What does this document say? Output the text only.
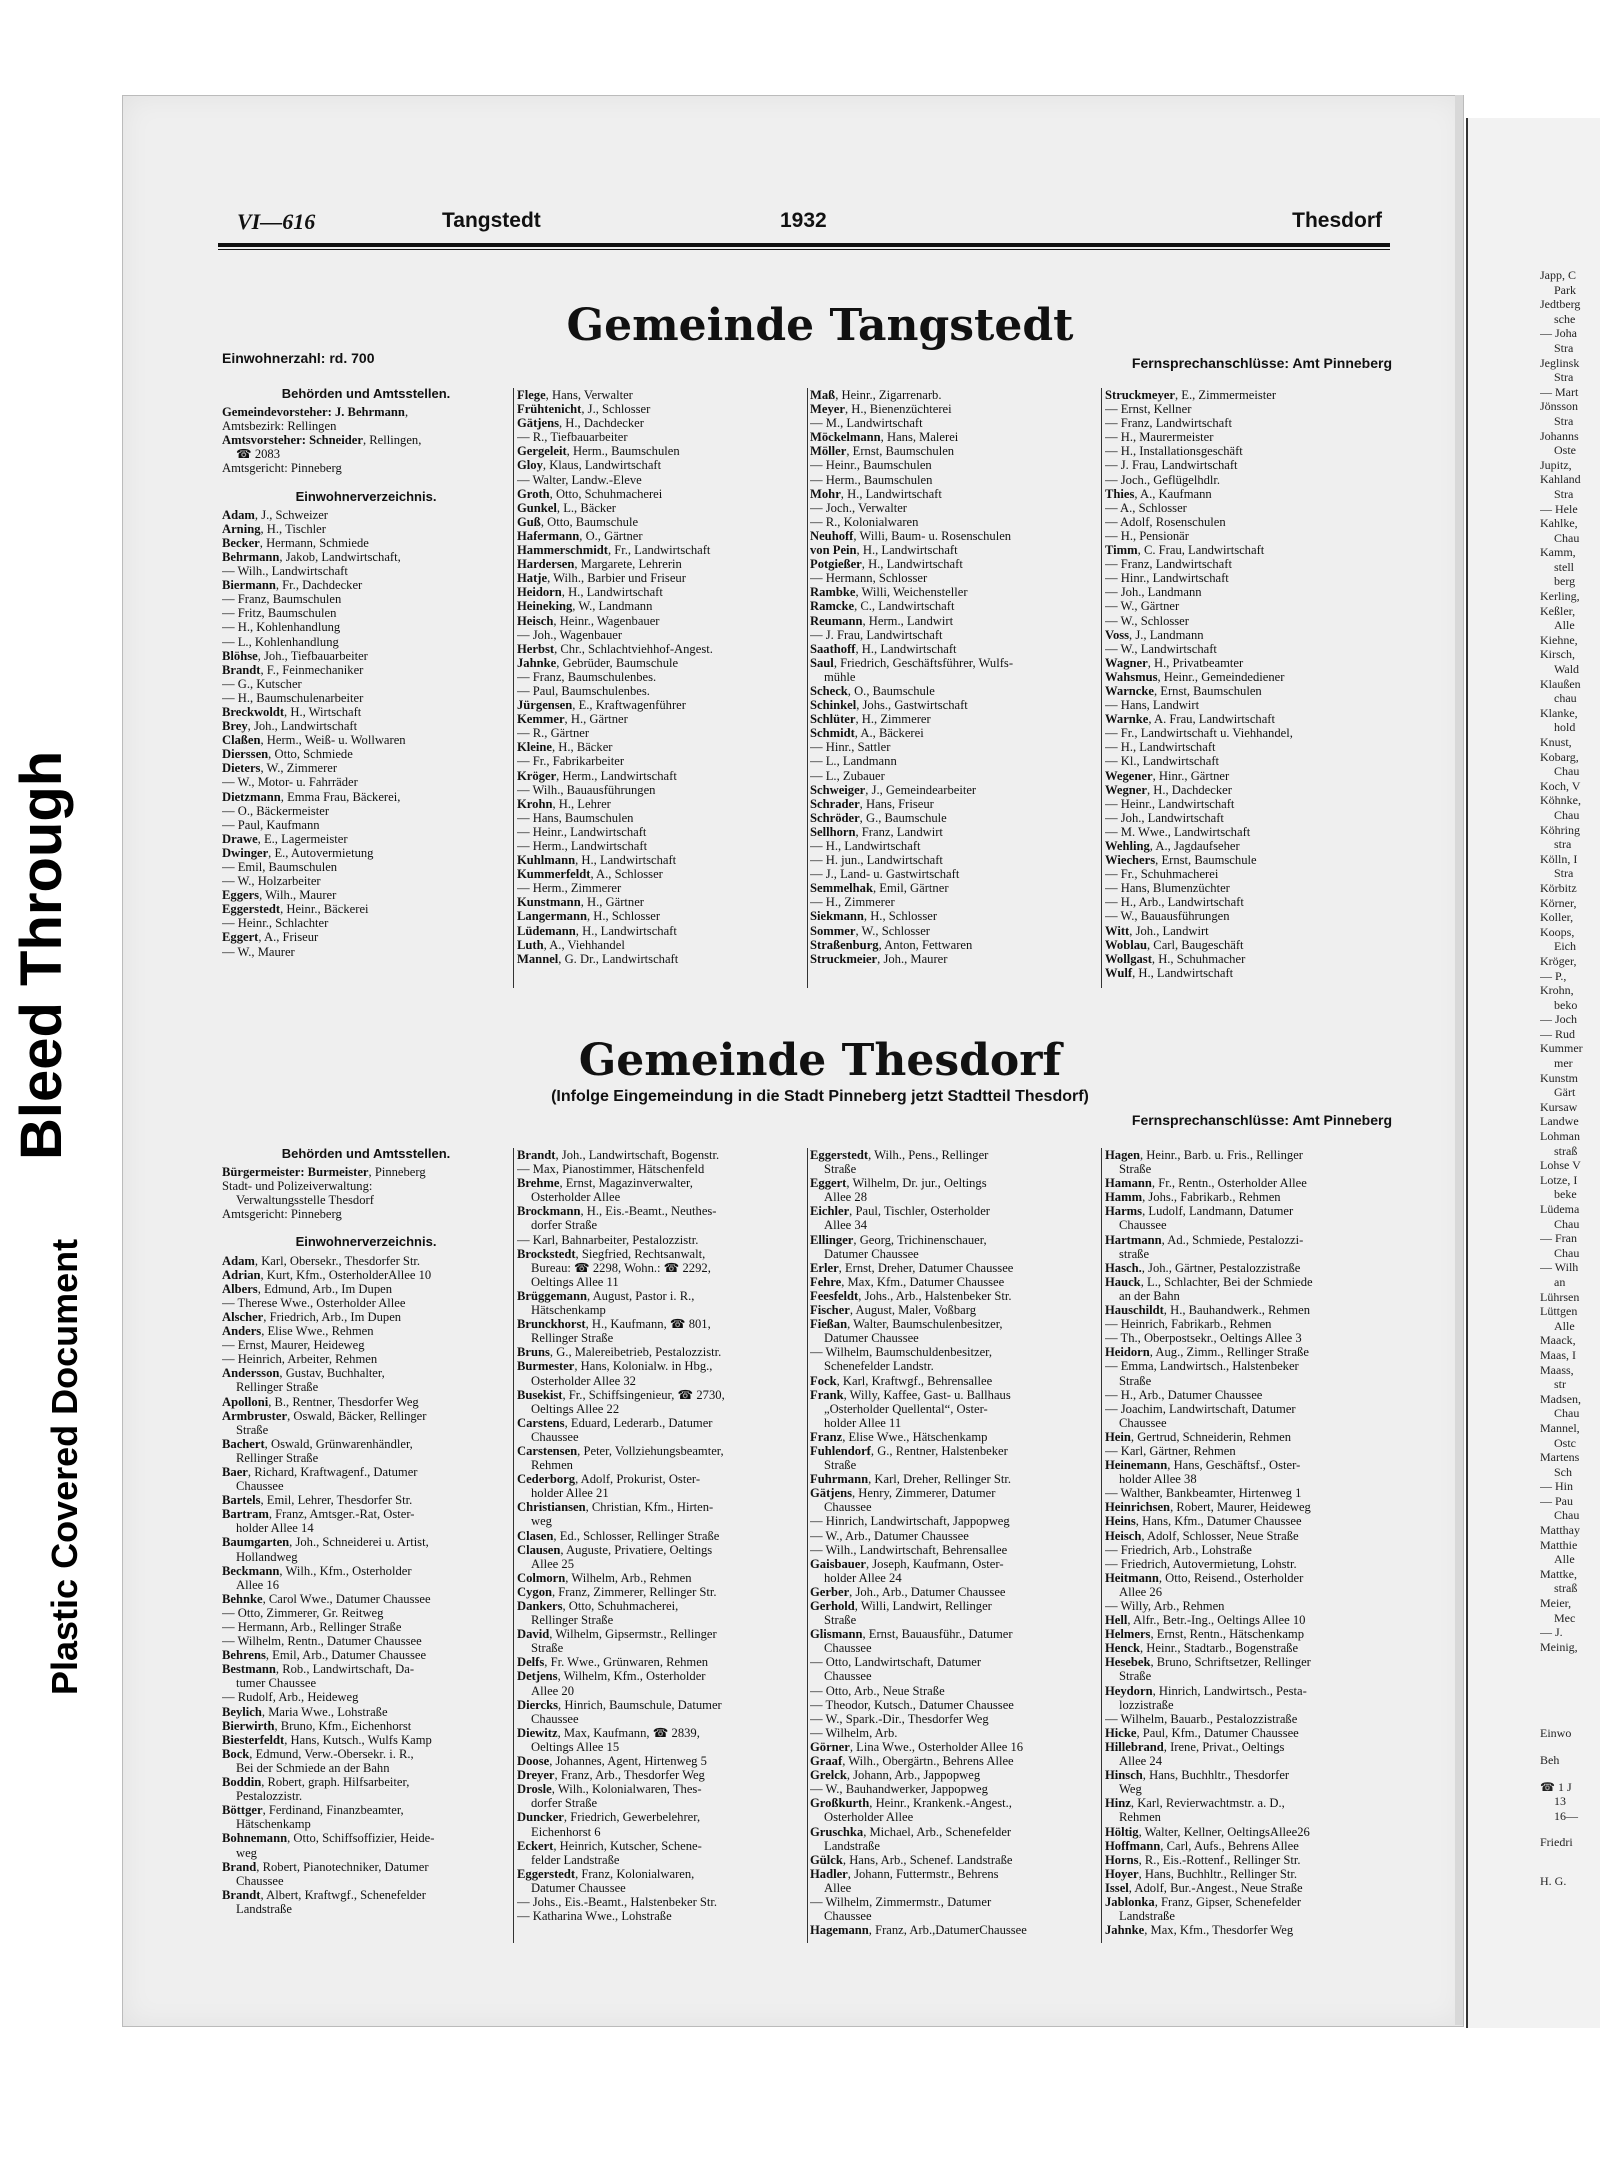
Bleed Through
Plastic Covered Document
VI—616	Tangstedt	1932	Thesdorf
Gemeinde Tangstedt
Einwohnerzahl: rd. 700	Fernsprechanschlüsse: Amt Pinneberg
Behörden und Amtsstellen.
Gemeindevorsteher: J. Behrmann,
Amtsbezirk: Rellingen
Amtsvorsteher: Schneider, Rellingen,
☎ 2083
Amtsgericht: Pinneberg
Einwohnerverzeichnis.
Adam, J., Schweizer
Arning, H., Tischler
Becker, Hermann, Schmiede
Behrmann, Jakob, Landwirtschaft,
— Wilh., Landwirtschaft
Biermann, Fr., Dachdecker
— Franz, Baumschulen
— Fritz, Baumschulen
— H., Kohlenhandlung
— L., Kohlenhandlung
Blöhse, Joh., Tiefbauarbeiter
Brandt, F., Feinmechaniker
— G., Kutscher
— H., Baumschulenarbeiter
Breckwoldt, H., Wirtschaft
Brey, Joh., Landwirtschaft
Claßen, Herm., Weiß- u. Wollwaren
Dierssen, Otto, Schmiede
Dieters, W., Zimmerer
— W., Motor- u. Fahrräder
Dietzmann, Emma Frau, Bäckerei,
— O., Bäckermeister
— Paul, Kaufmann
Drawe, E., Lagermeister
Dwinger, E., Autovermietung
— Emil, Baumschulen
— W., Holzarbeiter
Eggers, Wilh., Maurer
Eggerstedt, Heinr., Bäckerei
— Heinr., Schlachter
Eggert, A., Friseur
— W., Maurer
Flege, Hans, Verwalter
Frühtenicht, J., Schlosser
Gätjens, H., Dachdecker
— R., Tiefbauarbeiter
Gergeleit, Herm., Baumschulen
Gloy, Klaus, Landwirtschaft
— Walter, Landw.-Eleve
Groth, Otto, Schuhmacherei
Gunkel, L., Bäcker
Guß, Otto, Baumschule
Hafermann, O., Gärtner
Hammerschmidt, Fr., Landwirtschaft
Hardersen, Margarete, Lehrerin
Hatje, Wilh., Barbier und Friseur
Heidorn, H., Landwirtschaft
Heineking, W., Landmann
Heisch, Heinr., Wagenbauer
— Joh., Wagenbauer
Herbst, Chr., Schlachtviehhof-Angest.
Jahnke, Gebrüder, Baumschule
— Franz, Baumschulenbes.
— Paul, Baumschulenbes.
Jürgensen, E., Kraftwagenführer
Kemmer, H., Gärtner
— R., Gärtner
Kleine, H., Bäcker
— Fr., Fabrikarbeiter
Kröger, Herm., Landwirtschaft
— Wilh., Bauausführungen
Krohn, H., Lehrer
— Hans, Baumschulen
— Heinr., Landwirtschaft
— Herm., Landwirtschaft
Kuhlmann, H., Landwirtschaft
Kummerfeldt, A., Schlosser
— Herm., Zimmerer
Kunstmann, H., Gärtner
Langermann, H., Schlosser
Lüdemann, H., Landwirtschaft
Luth, A., Viehhandel
Mannel, G. Dr., Landwirtschaft
Maß, Heinr., Zigarrenarb.
Meyer, H., Bienenzüchterei
— M., Landwirtschaft
Möckelmann, Hans, Malerei
Möller, Ernst, Baumschulen
— Heinr., Baumschulen
— Herm., Baumschulen
Mohr, H., Landwirtschaft
— Joch., Verwalter
— R., Kolonialwaren
Neuhoff, Willi, Baum- u. Rosenschulen
von Pein, H., Landwirtschaft
Potgießer, H., Landwirtschaft
— Hermann, Schlosser
Rambke, Willi, Weichensteller
Ramcke, C., Landwirtschaft
Reumann, Herm., Landwirt
— J. Frau, Landwirtschaft
Saathoff, H., Landwirtschaft
Saul, Friedrich, Geschäftsführer, Wulfs-
mühle
Scheck, O., Baumschule
Schinkel, Johs., Gastwirtschaft
Schlüter, H., Zimmerer
Schmidt, A., Bäckerei
— Hinr., Sattler
— L., Landmann
— L., Zubauer
Schweiger, J., Gemeindearbeiter
Schrader, Hans, Friseur
Schröder, G., Baumschule
Sellhorn, Franz, Landwirt
— H., Landwirtschaft
— H. jun., Landwirtschaft
— J., Land- u. Gastwirtschaft
Semmelhak, Emil, Gärtner
— H., Zimmerer
Siekmann, H., Schlosser
Sommer, W., Schlosser
Straßenburg, Anton, Fettwaren
Struckmeier, Joh., Maurer
Struckmeyer, E., Zimmermeister
— Ernst, Kellner
— Franz, Landwirtschaft
— H., Maurermeister
— H., Installationsgeschäft
— J. Frau, Landwirtschaft
— Joch., Geflügelhdlr.
Thies, A., Kaufmann
— A., Schlosser
— Adolf, Rosenschulen
— H., Pensionär
Timm, C. Frau, Landwirtschaft
— Franz, Landwirtschaft
— Hinr., Landwirtschaft
— Joh., Landmann
— W., Gärtner
— W., Schlosser
Voss, J., Landmann
— W., Landwirtschaft
Wagner, H., Privatbeamter
Wahsmus, Heinr., Gemeindediener
Warncke, Ernst, Baumschulen
— Hans, Landwirt
Warnke, A. Frau, Landwirtschaft
— Fr., Landwirtschaft u. Viehhandel,
— H., Landwirtschaft
— Kl., Landwirtschaft
Wegener, Hinr., Gärtner
Wegner, H., Dachdecker
— Heinr., Landwirtschaft
— Joh., Landwirtschaft
— M. Wwe., Landwirtschaft
Wehling, A., Jagdaufseher
Wiechers, Ernst, Baumschule
— Fr., Schuhmacherei
— Hans, Blumenzüchter
— H., Arb., Landwirtschaft
— W., Bauausführungen
Witt, Joh., Landwirt
Woblau, Carl, Baugeschäft
Wollgast, H., Schuhmacher
Wulf, H., Landwirtschaft
Gemeinde Thesdorf
(Infolge Eingemeindung in die Stadt Pinneberg jetzt Stadtteil Thesdorf)
Fernsprechanschlüsse: Amt Pinneberg
Behörden und Amtsstellen.
Bürgermeister: Burmeister, Pinneberg
Stadt- und Polizeiverwaltung:
Verwaltungsstelle Thesdorf
Amtsgericht: Pinneberg
Einwohnerverzeichnis.
Adam, Karl, Obersekr., Thesdorfer Str.
Adrian, Kurt, Kfm., OsterholderAllee 10
Albers, Edmund, Arb., Im Dupen
— Therese Wwe., Osterholder Allee
Alscher, Friedrich, Arb., Im Dupen
Anders, Elise Wwe., Rehmen
— Ernst, Maurer, Heideweg
— Heinrich, Arbeiter, Rehmen
Andersson, Gustav, Buchhalter,
Rellinger Straße
Apolloni, B., Rentner, Thesdorfer Weg
Armbruster, Oswald, Bäcker, Rellinger
Straße
Bachert, Oswald, Grünwarenhändler,
Rellinger Straße
Baer, Richard, Kraftwagenf., Datumer
Chaussee
Bartels, Emil, Lehrer, Thesdorfer Str.
Bartram, Franz, Amtsger.-Rat, Oster-
holder Allee 14
Baumgarten, Joh., Schneiderei u. Artist,
Hollandweg
Beckmann, Wilh., Kfm., Osterholder
Allee 16
Behnke, Carol Wwe., Datumer Chaussee
— Otto, Zimmerer, Gr. Reitweg
— Hermann, Arb., Rellinger Straße
— Wilhelm, Rentn., Datumer Chaussee
Behrens, Emil, Arb., Datumer Chaussee
Bestmann, Rob., Landwirtschaft, Da-
tumer Chaussee
— Rudolf, Arb., Heideweg
Beylich, Maria Wwe., Lohstraße
Bierwirth, Bruno, Kfm., Eichenhorst
Biesterfeldt, Hans, Kutsch., Wulfs Kamp
Bock, Edmund, Verw.-Obersekr. i. R.,
Bei der Schmiede an der Bahn
Boddin, Robert, graph. Hilfsarbeiter,
Pestalozzistr.
Böttger, Ferdinand, Finanzbeamter,
Hätschenkamp
Bohnemann, Otto, Schiffsoffizier, Heide-
weg
Brand, Robert, Pianotechniker, Datumer
Chaussee
Brandt, Albert, Kraftwgf., Schenefelder
Landstraße
Brandt, Joh., Landwirtschaft, Bogenstr.
— Max, Pianostimmer, Hätschenfeld
Brehme, Ernst, Magazinverwalter,
Osterholder Allee
Brockmann, H., Eis.-Beamt., Neuthes-
dorfer Straße
— Karl, Bahnarbeiter, Pestalozzistr.
Brockstedt, Siegfried, Rechtsanwalt,
Bureau: ☎ 2298, Wohn.: ☎ 2292,
Oeltings Allee 11
Brüggemann, August, Pastor i. R.,
Hätschenkamp
Brunckhorst, H., Kaufmann, ☎ 801,
Rellinger Straße
Bruns, G., Malereibetrieb, Pestalozzistr.
Burmester, Hans, Kolonialw. in Hbg.,
Osterholder Allee 32
Busekist, Fr., Schiffsingenieur, ☎ 2730,
Oeltings Allee 22
Carstens, Eduard, Lederarb., Datumer
Chaussee
Carstensen, Peter, Vollziehungsbeamter,
Rehmen
Cederborg, Adolf, Prokurist, Oster-
holder Allee 21
Christiansen, Christian, Kfm., Hirten-
weg
Clasen, Ed., Schlosser, Rellinger Straße
Clausen, Auguste, Privatiere, Oeltings
Allee 25
Colmorn, Wilhelm, Arb., Rehmen
Cygon, Franz, Zimmerer, Rellinger Str.
Dankers, Otto, Schuhmacherei,
Rellinger Straße
David, Wilhelm, Gipsermstr., Rellinger
Straße
Delfs, Fr. Wwe., Grünwaren, Rehmen
Detjens, Wilhelm, Kfm., Osterholder
Allee 20
Diercks, Hinrich, Baumschule, Datumer
Chaussee
Diewitz, Max, Kaufmann, ☎ 2839,
Oeltings Allee 15
Doose, Johannes, Agent, Hirtenweg 5
Dreyer, Franz, Arb., Thesdorfer Weg
Drosle, Wilh., Kolonialwaren, Thes-
dorfer Straße
Duncker, Friedrich, Gewerbelehrer,
Eichenhorst 6
Eckert, Heinrich, Kutscher, Schene-
felder Landstraße
Eggerstedt, Franz, Kolonialwaren,
Datumer Chaussee
— Johs., Eis.-Beamt., Halstenbeker Str.
— Katharina Wwe., Lohstraße
Eggerstedt, Wilh., Pens., Rellinger
Straße
Eggert, Wilhelm, Dr. jur., Oeltings
Allee 28
Eichler, Paul, Tischler, Osterholder
Allee 34
Ellinger, Georg, Trichinenschauer,
Datumer Chaussee
Erler, Ernst, Dreher, Datumer Chaussee
Fehre, Max, Kfm., Datumer Chaussee
Feesfeldt, Johs., Arb., Halstenbeker Str.
Fischer, August, Maler, Voßbarg
Fießan, Walter, Baumschulenbesitzer,
Datumer Chaussee
— Wilhelm, Baumschuldenbesitzer,
Schenefelder Landstr.
Fock, Karl, Kraftwgf., Behrensallee
Frank, Willy, Kaffee, Gast- u. Ballhaus
„Osterholder Quellental“, Oster-
holder Allee 11
Franz, Elise Wwe., Hätschenkamp
Fuhlendorf, G., Rentner, Halstenbeker
Straße
Fuhrmann, Karl, Dreher, Rellinger Str.
Gätjens, Henry, Zimmerer, Datumer
Chaussee
— Hinrich, Landwirtschaft, Jappopweg
— W., Arb., Datumer Chaussee
— Wilh., Landwirtschaft, Behrensallee
Gaisbauer, Joseph, Kaufmann, Oster-
holder Allee 24
Gerber, Joh., Arb., Datumer Chaussee
Gerhold, Willi, Landwirt, Rellinger
Straße
Glismann, Ernst, Bauausführ., Datumer
Chaussee
— Otto, Landwirtschaft, Datumer
Chaussee
— Otto, Arb., Neue Straße
— Theodor, Kutsch., Datumer Chaussee
— W., Spark.-Dir., Thesdorfer Weg
— Wilhelm, Arb.
Görner, Lina Wwe., Osterholder Allee 16
Graaf, Wilh., Obergärtn., Behrens Allee
Grelck, Johann, Arb., Jappopweg
— W., Bauhandwerker, Jappopweg
Großkurth, Heinr., Krankenk.-Angest.,
Osterholder Allee
Gruschka, Michael, Arb., Schenefelder
Landstraße
Gülck, Hans, Arb., Schenef. Landstraße
Hadler, Johann, Futtermstr., Behrens
Allee
— Wilhelm, Zimmermstr., Datumer
Chaussee
Hagemann, Franz, Arb.,DatumerChaussee
Hagen, Heinr., Barb. u. Fris., Rellinger
Straße
Hamann, Fr., Rentn., Osterholder Allee
Hamm, Johs., Fabrikarb., Rehmen
Harms, Ludolf, Landmann, Datumer
Chaussee
Hartmann, Ad., Schmiede, Pestalozzi-
straße
Hasch., Joh., Gärtner, Pestalozzistraße
Hauck, L., Schlachter, Bei der Schmiede
an der Bahn
Hauschildt, H., Bauhandwerk., Rehmen
— Heinrich, Fabrikarb., Rehmen
— Th., Oberpostsekr., Oeltings Allee 3
Heidorn, Aug., Zimm., Rellinger Straße
— Emma, Landwirtsch., Halstenbeker
Straße
— H., Arb., Datumer Chaussee
— Joachim, Landwirtschaft, Datumer
Chaussee
Hein, Gertrud, Schneiderin, Rehmen
— Karl, Gärtner, Rehmen
Heinemann, Hans, Geschäftsf., Oster-
holder Allee 38
— Walther, Bankbeamter, Hirtenweg 1
Heinrichsen, Robert, Maurer, Heideweg
Heins, Hans, Kfm., Datumer Chaussee
Heisch, Adolf, Schlosser, Neue Straße
— Friedrich, Arb., Lohstraße
— Friedrich, Autovermietung, Lohstr.
Heitmann, Otto, Reisend., Osterholder
Allee 26
— Willy, Arb., Rehmen
Hell, Alfr., Betr.-Ing., Oeltings Allee 10
Helmers, Ernst, Rentn., Hätschenkamp
Henck, Heinr., Stadtarb., Bogenstraße
Hesebek, Bruno, Schriftsetzer, Rellinger
Straße
Heydorn, Hinrich, Landwirtsch., Pesta-
lozzistraße
— Wilhelm, Bauarb., Pestalozzistraße
Hicke, Paul, Kfm., Datumer Chaussee
Hillebrand, Irene, Privat., Oeltings
Allee 24
Hinsch, Hans, Buchhltr., Thesdorfer
Weg
Hinz, Karl, Revierwachtmstr. a. D.,
Rehmen
Höltig, Walter, Kellner, OeltingsAllee26
Hoffmann, Carl, Aufs., Behrens Allee
Horns, R., Eis.-Rottenf., Rellinger Str.
Hoyer, Hans, Buchhltr., Rellinger Str.
Issel, Adolf, Bur.-Angest., Neue Straße
Jablonka, Franz, Gipser, Schenefelder
Landstraße
Jahnke, Max, Kfm., Thesdorfer Weg
Japp, C
Park
Jedtberg
sche
— Joha
Stra
Jeglinsk
Stra
— Mart
Jönsson
Stra
Johanns
Oste
Jupitz,
Kahland
Stra
— Hele
Kahlke,
Chau
Kamm,
stell
berg
Kerling,
Keßler,
Alle
Kiehne,
Kirsch,
Wald
Klaußen
chau
Klanke,
hold
Knust,
Kobarg,
Chau
Koch, V
Köhnke,
Chau
Köhring
stra
Kölln, I
Stra
Körbitz
Körner,
Koller,
Koops,
Eich
Kröger,
— P.,
Krohn,
beko
— Joch
— Rud
Kummer
mer
Kunstm
Gärt
Kursaw
Landwe
Lohman
straß
Lohse V
Lotze, I
beke
Lüdema
Chau
— Fran
Chau
— Wilh
an
Lührsen
Lüttgen
Alle
Maack,
Maas, I
Maass,
str
Madsen,
Chau
Mannel,
Ostc
Martens
Sch
— Hin
— Pau
Chau
Matthay
Matthie
Alle
Mattke,
straß
Meier,
Mec
— J.
Meinig,
Einwo
Beh
☎ 1 J
13
16—
Friedri
H. G.
